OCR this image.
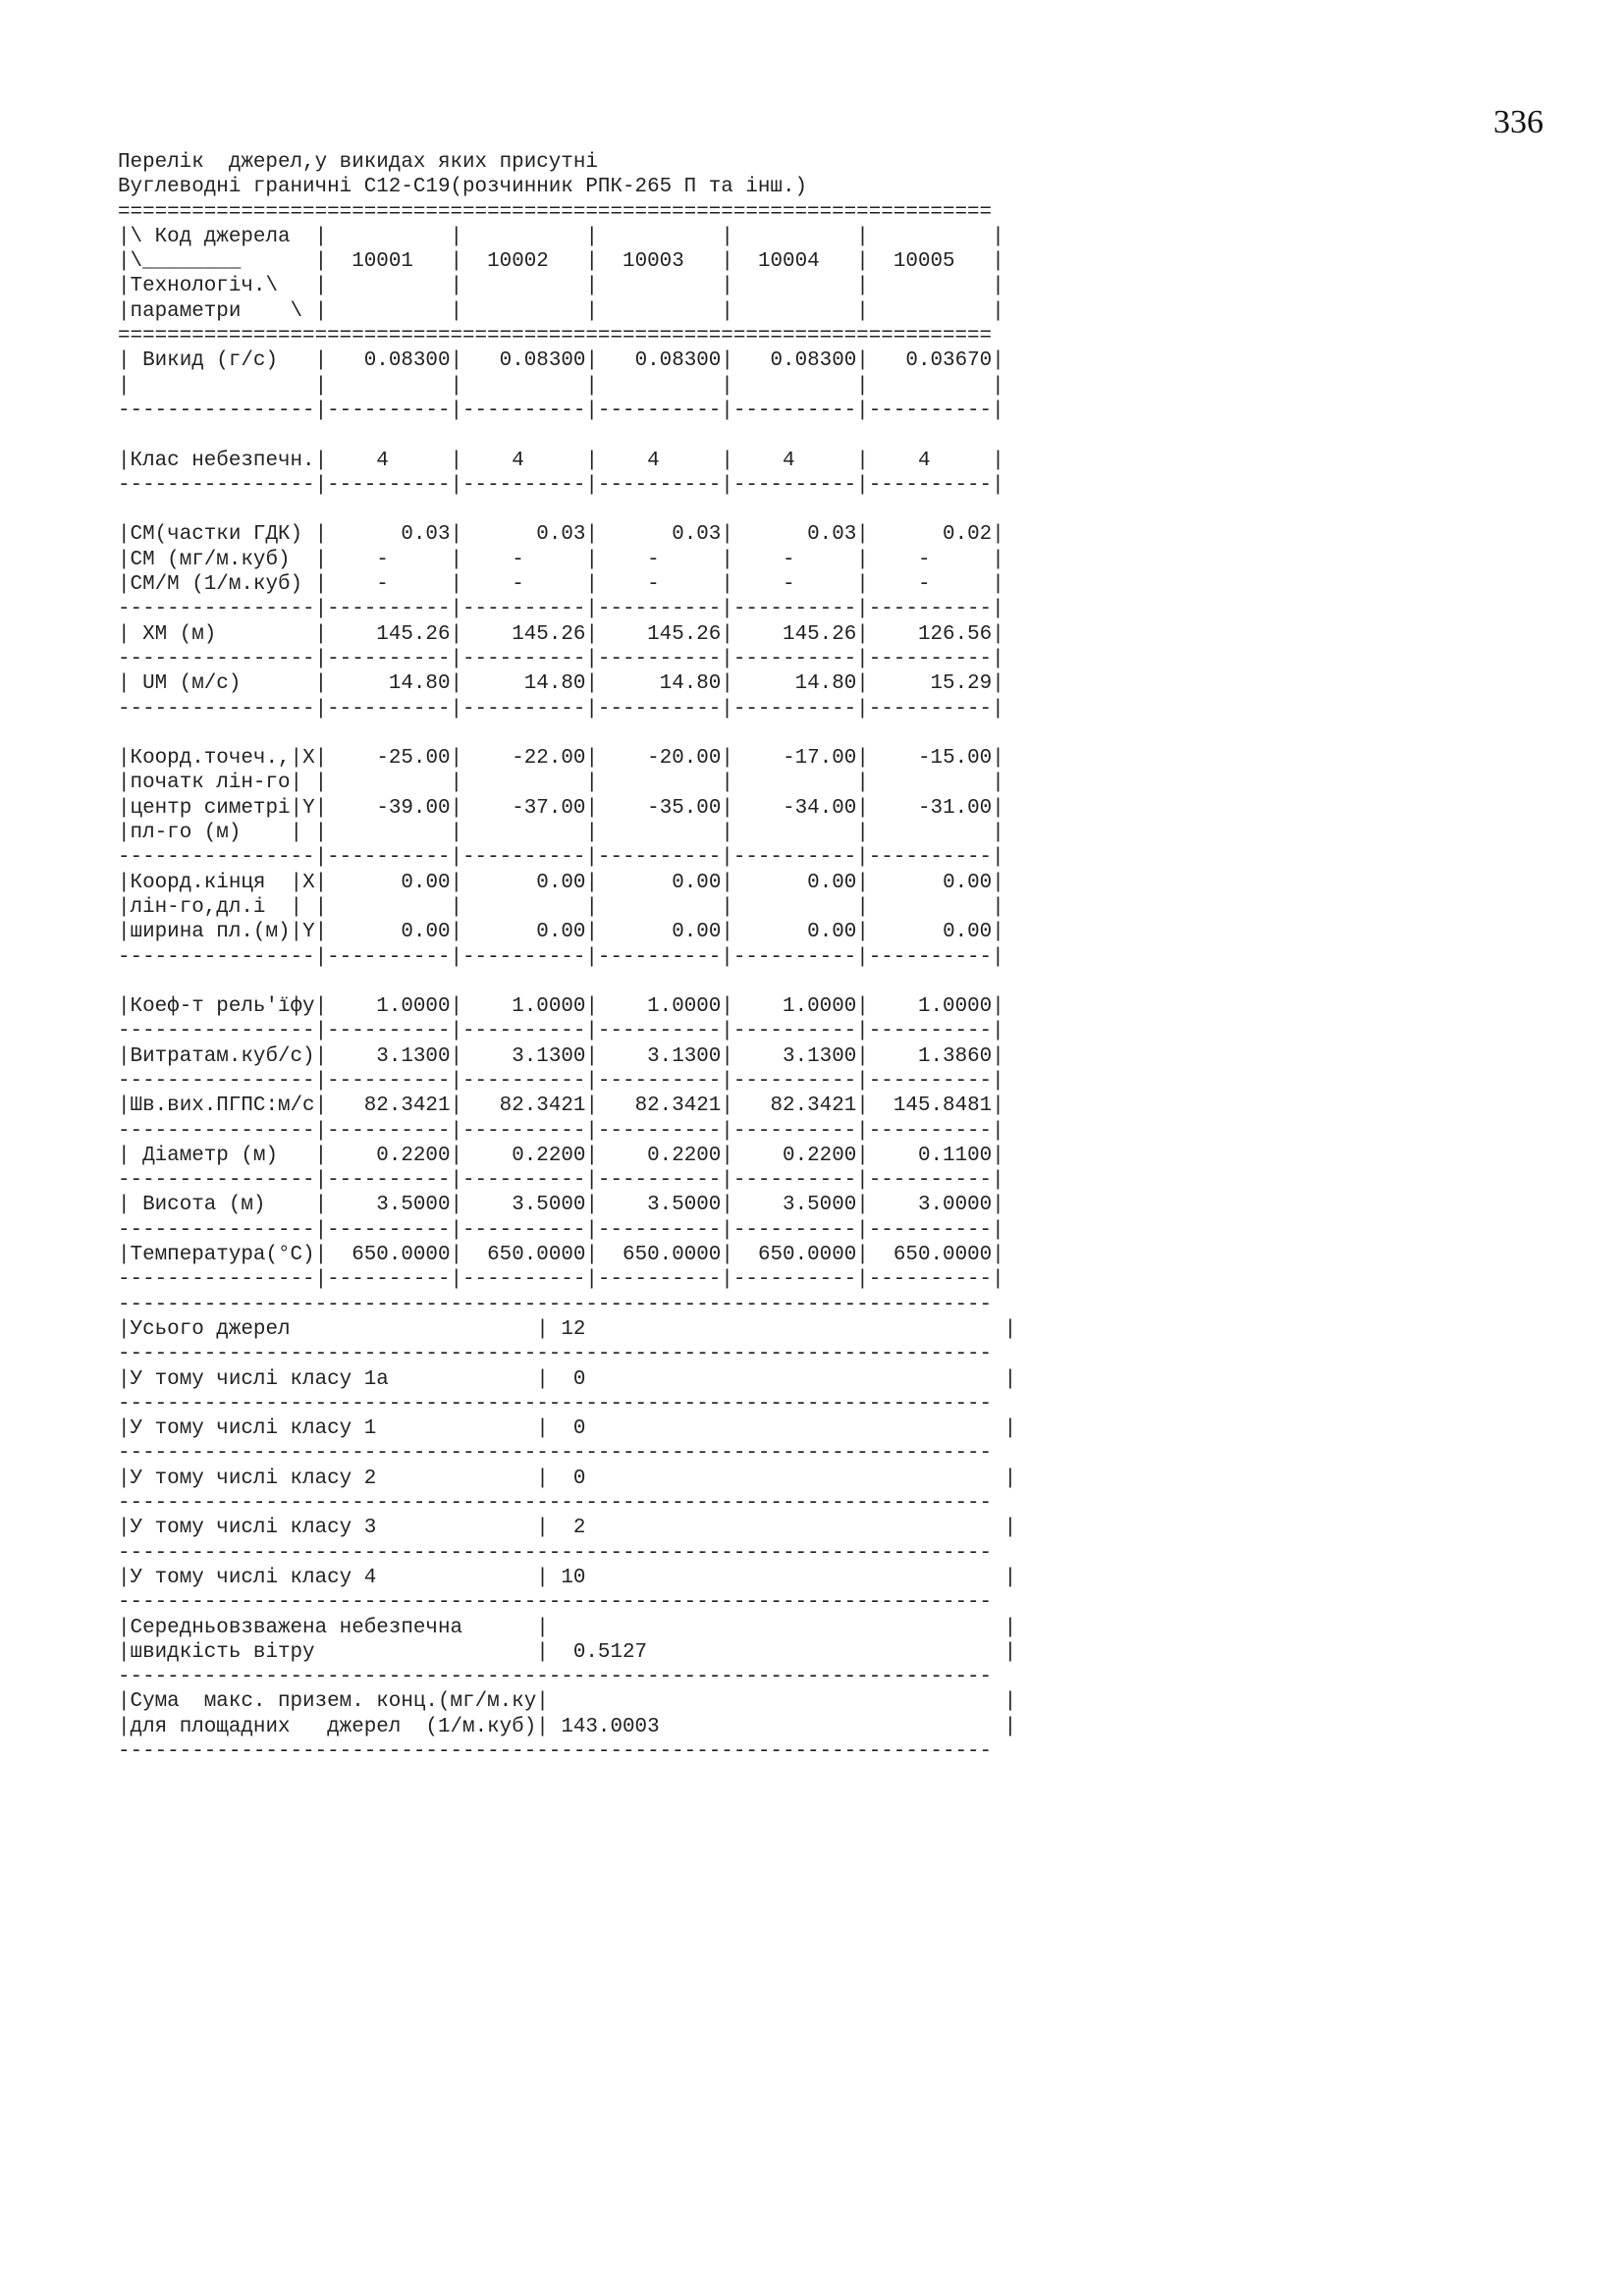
336
Перелік  джерел,у викидах яких присутні
Вуглеводні граничні С12-С19(розчинник РПК-265 П та інш.)
=======================================================================
|\ Код джерела  |	|	|	|	|	|
|\________      |  10001   |  10002   |  10003   |  10004   |  10005   |
|Технологіч.\   |	|	|	|	|	|
|параметри    \ |	|	|	|	|	|
=======================================================================
| Викид (г/с)   |   0.08300|   0.08300|   0.08300|   0.08300|   0.03670|
|               |          |          |          |          |          |
----------------|----------|----------|----------|----------|----------|

|Клас небезпечн.|    4     |    4     |    4     |    4     |    4     |
----------------|----------|----------|----------|----------|----------|

|СМ(частки ГДК) |      0.03|      0.03|      0.03|      0.03|      0.02|
|СМ (мг/м.куб)  |    -     |    -     |    -     |    -     |    -     |
|СМ/М (1/м.куб) |    -     |    -     |    -     |    -     |    -     |
----------------|----------|----------|----------|----------|----------|
| ХМ (м)        |    145.26|    145.26|    145.26|    145.26|    126.56|
----------------|----------|----------|----------|----------|----------|
| UM (м/с)      |     14.80|     14.80|     14.80|     14.80|     15.29|
----------------|----------|----------|----------|----------|----------|

|Коорд.точеч.,|X|    -25.00|    -22.00|    -20.00|    -17.00|    -15.00|
|початк лін-го| |	|	|	|	|	|
|центр симетрі|Y|    -39.00|    -37.00|    -35.00|    -34.00|    -31.00|
|пл-го (м)    | |	|	|	|	|	|
----------------|----------|----------|----------|----------|----------|
|Коорд.кінця  |X|      0.00|      0.00|      0.00|      0.00|      0.00|
|лін-го,дл.і  | |	|	|	|	|	|
|ширина пл.(м)|Y|      0.00|      0.00|      0.00|      0.00|      0.00|
----------------|----------|----------|----------|----------|----------|

|Коеф-т рель'їфу|    1.0000|    1.0000|    1.0000|    1.0000|    1.0000|
----------------|----------|----------|----------|----------|----------|
|Витратам.куб/с)|    3.1300|    3.1300|    3.1300|    3.1300|    1.3860|
----------------|----------|----------|----------|----------|----------|
|Шв.вих.ПГПС:м/с|   82.3421|   82.3421|   82.3421|   82.3421|  145.8481|
----------------|----------|----------|----------|----------|----------|
| Діаметр (м)   |    0.2200|    0.2200|    0.2200|    0.2200|    0.1100|
----------------|----------|----------|----------|----------|----------|
| Висота (м)    |    3.5000|    3.5000|    3.5000|    3.5000|    3.0000|
----------------|----------|----------|----------|----------|----------|
|Температура(°С)|  650.0000|  650.0000|  650.0000|  650.0000|  650.0000|
----------------|----------|----------|----------|----------|----------|
-----------------------------------------------------------------------
|Усього джерел                    | 12                                  |
-----------------------------------------------------------------------
|У тому числі класу 1а            |  0                                  |
-----------------------------------------------------------------------
|У тому числі класу 1             |  0                                  |
-----------------------------------------------------------------------
|У тому числі класу 2             |  0                                  |
-----------------------------------------------------------------------
|У тому числі класу 3             |  2                                  |
-----------------------------------------------------------------------
|У тому числі класу 4             | 10                                  |
-----------------------------------------------------------------------
|Середньовзважена небезпечна      |	|
|швидкість вітру                  |  0.5127                             |
-----------------------------------------------------------------------
|Сума  макс. призем. конц.(мг/м.ку|	|
|для площадних   джерел  (1/м.куб)| 143.0003                            |
-----------------------------------------------------------------------
